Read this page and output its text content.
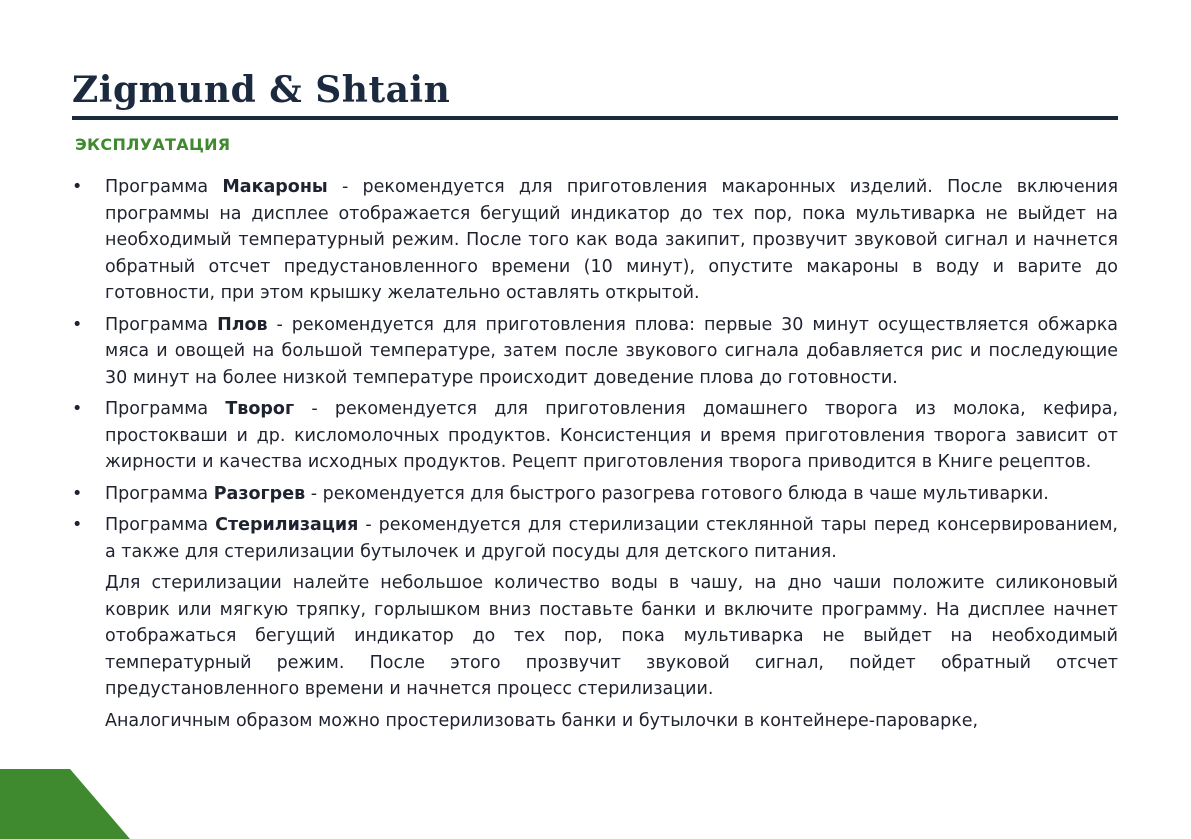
Zigmund & Shtain
ЭКСПЛУАТАЦИЯ
• Программа Макароны - рекомендуется для приготовления макаронных изделий. После включения программы на дисплее отображается бегущий индикатор до тех пор, пока мультиварка не выйдет на необходимый температурный режим. После того как вода закипит, прозвучит звуковой сигнал и начнется обратный отсчет предустановленного времени (10 минут), опустите макароны в воду и варите до готовности, при этом крышку желательно оставлять открытой.
• Программа Плов - рекомендуется для приготовления плова: первые 30 минут осуществляется обжарка мяса и овощей на большой температуре, затем после звукового сигнала добавляется рис и последующие 30 минут на более низкой температуре происходит доведение плова до готовности.
• Программа Творог - рекомендуется для приготовления домашнего творога из молока, кефира, простокваши и др. кисломолочных продуктов. Консистенция и время приготовления творога зависит от жирности и качества исходных продуктов. Рецепт приготовления творога приводится в Книге рецептов.
• Программа Разогрев - рекомендуется для быстрого разогрева готового блюда в чаше мультиварки.
• Программа Стерилизация - рекомендуется для стерилизации стеклянной тары перед консервированием, а также для стерилизации бутылочек и другой посуды для детского питания.

Для стерилизации налейте небольшое количество воды в чашу, на дно чаши положите силиконовый коврик или мягкую тряпку, горлышком вниз поставьте банки и включите программу. На дисплее начнет отображаться бегущий индикатор до тех пор, пока мультиварка не выйдет на необходимый температурный режим. После этого прозвучит звуковой сигнал, пойдет обратный отсчет предустановленного времени и начнется процесс стерилизации.

Аналогичным образом можно простерилизовать банки и бутылочки в контейнере-пароварке,
